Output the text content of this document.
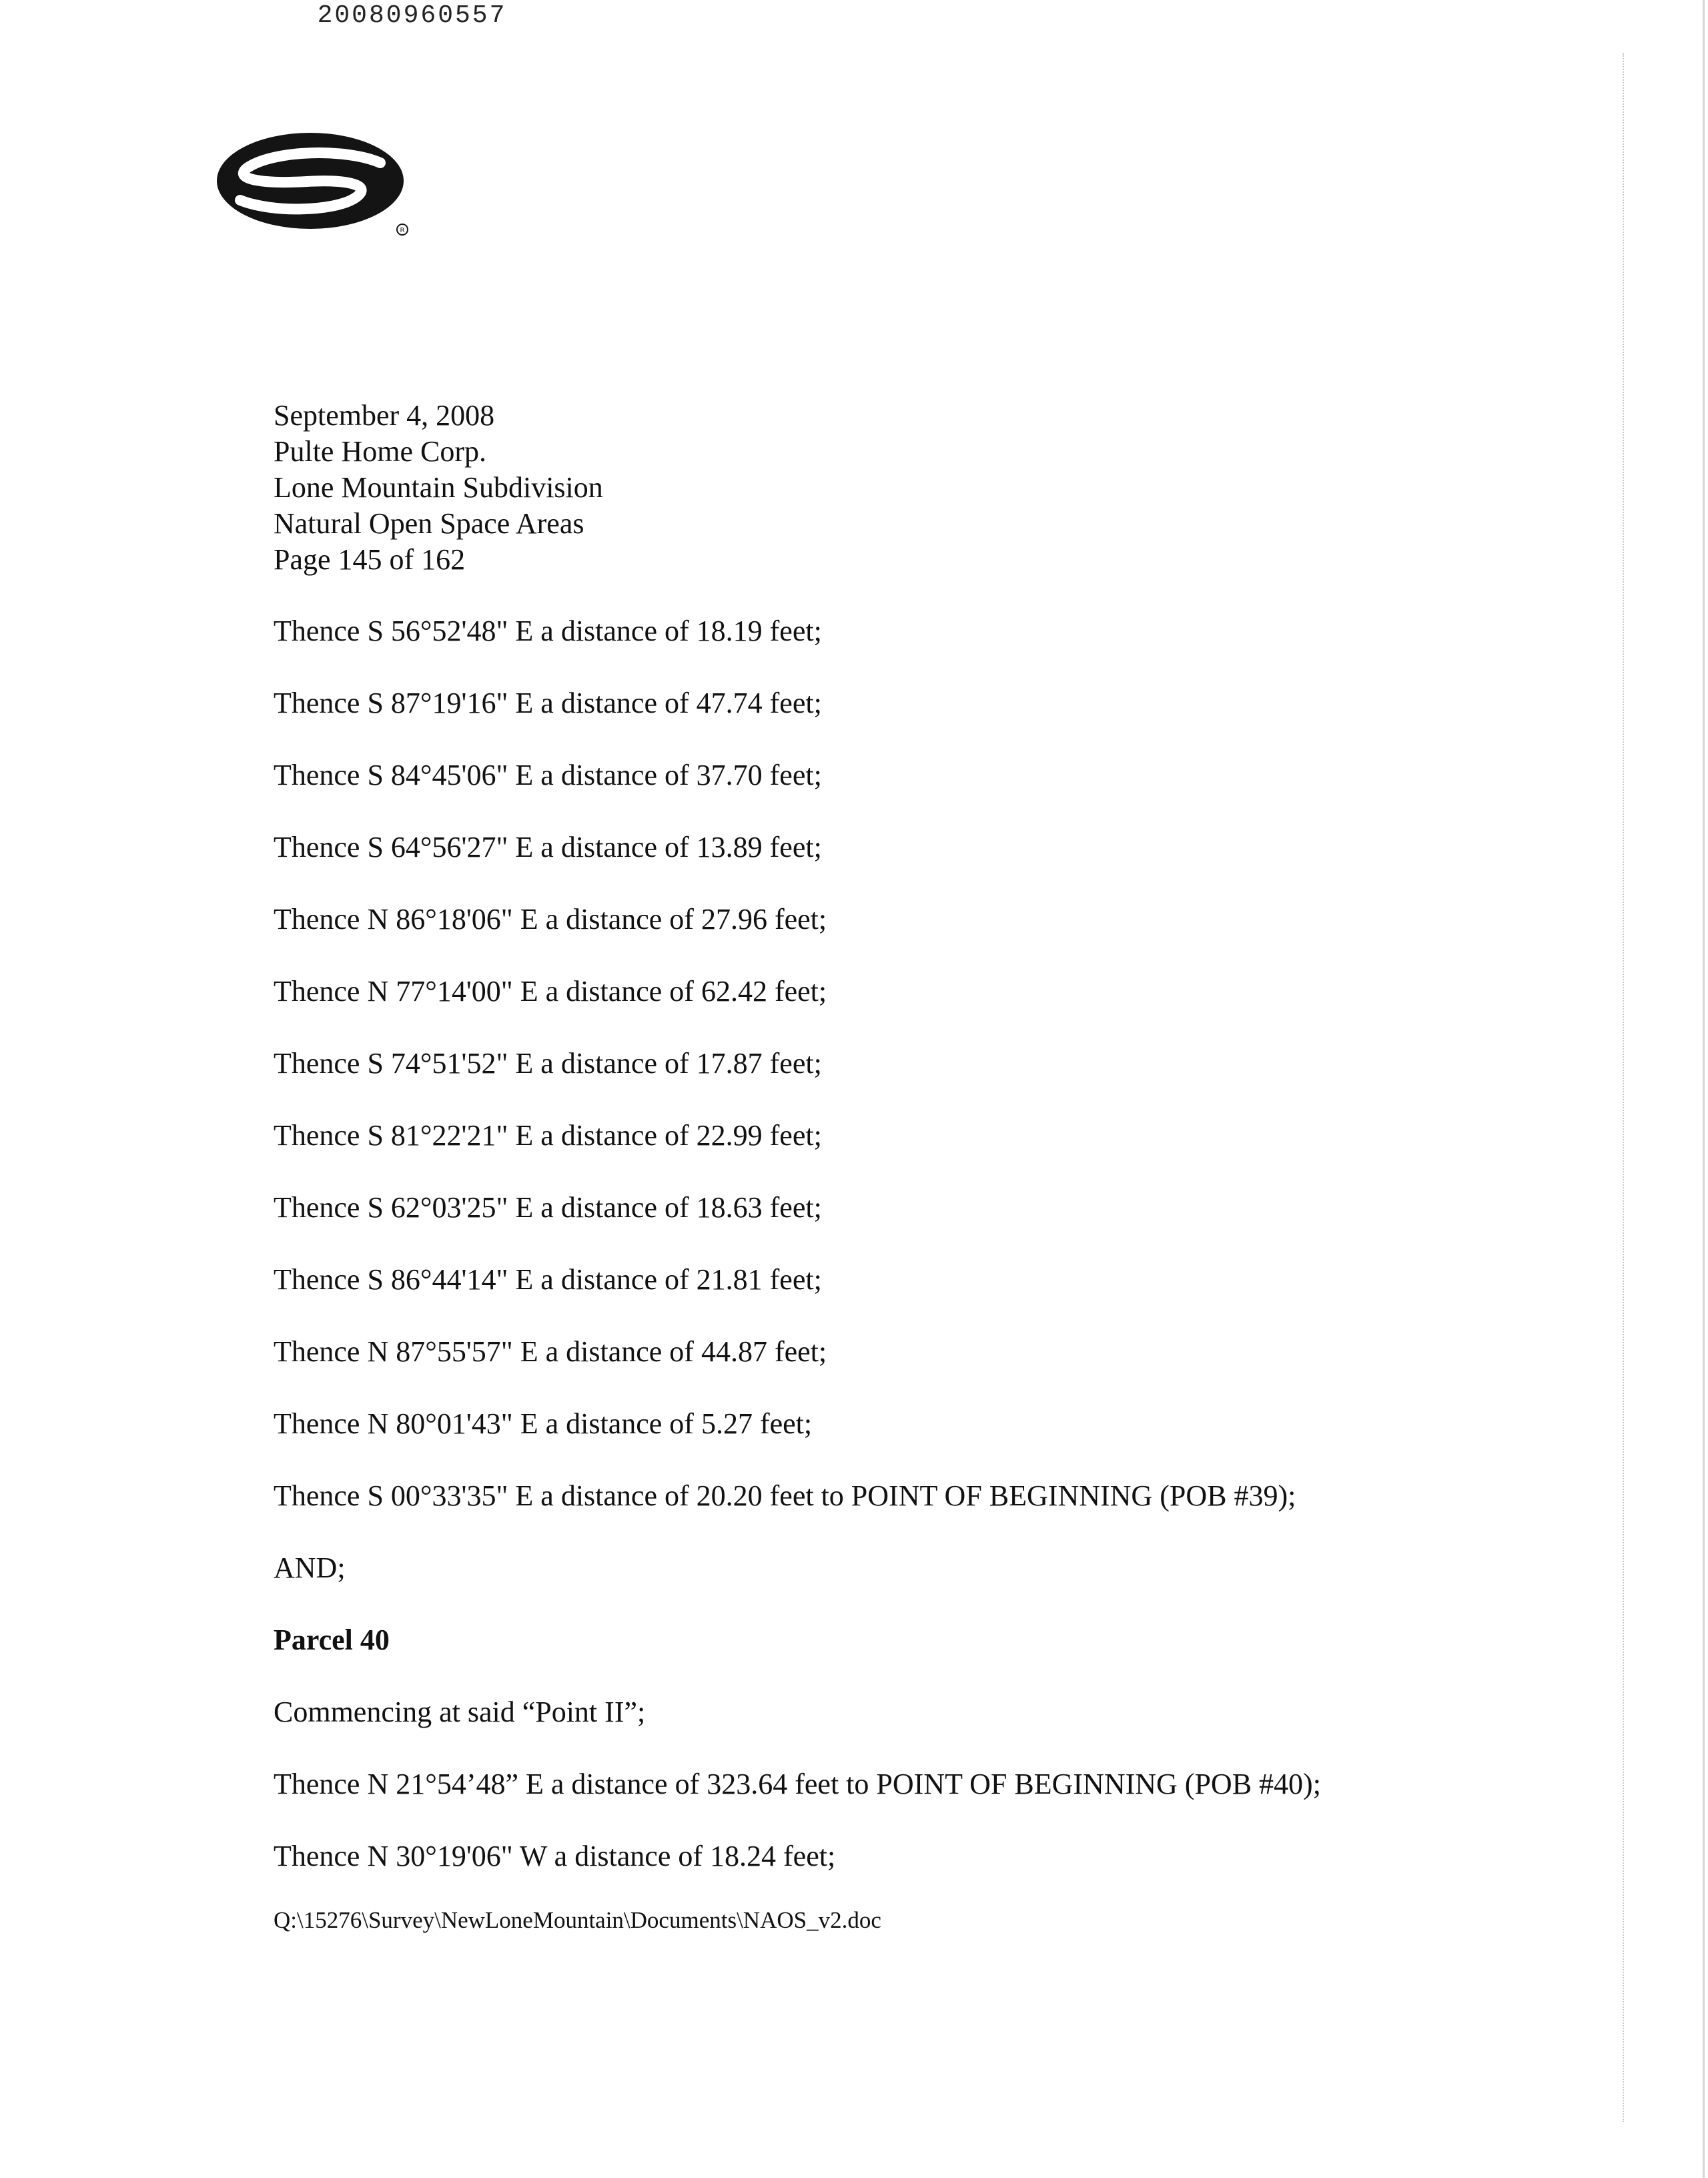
20080960557
R
September 4, 2008
Pulte Home Corp.
Lone Mountain Subdivision
Natural Open Space Areas
Page 145 of 162
Thence S 56°52'48" E a distance of 18.19 feet;
Thence S 87°19'16" E a distance of 47.74 feet;
Thence S 84°45'06" E a distance of 37.70 feet;
Thence S 64°56'27" E a distance of 13.89 feet;
Thence N 86°18'06" E a distance of 27.96 feet;
Thence N 77°14'00" E a distance of 62.42 feet;
Thence S 74°51'52" E a distance of 17.87 feet;
Thence S 81°22'21" E a distance of 22.99 feet;
Thence S 62°03'25" E a distance of 18.63 feet;
Thence S 86°44'14" E a distance of 21.81 feet;
Thence N 87°55'57" E a distance of 44.87 feet;
Thence N 80°01'43" E a distance of 5.27 feet;
Thence S 00°33'35" E a distance of 20.20 feet to POINT OF BEGINNING (POB #39);
AND;
Parcel 40
Commencing at said “Point II”;
Thence N 21°54’48” E a distance of 323.64 feet to POINT OF BEGINNING (POB #40);
Thence N 30°19'06" W a distance of 18.24 feet;
Q:\15276\Survey\NewLoneMountain\Documents\NAOS_v2.doc
